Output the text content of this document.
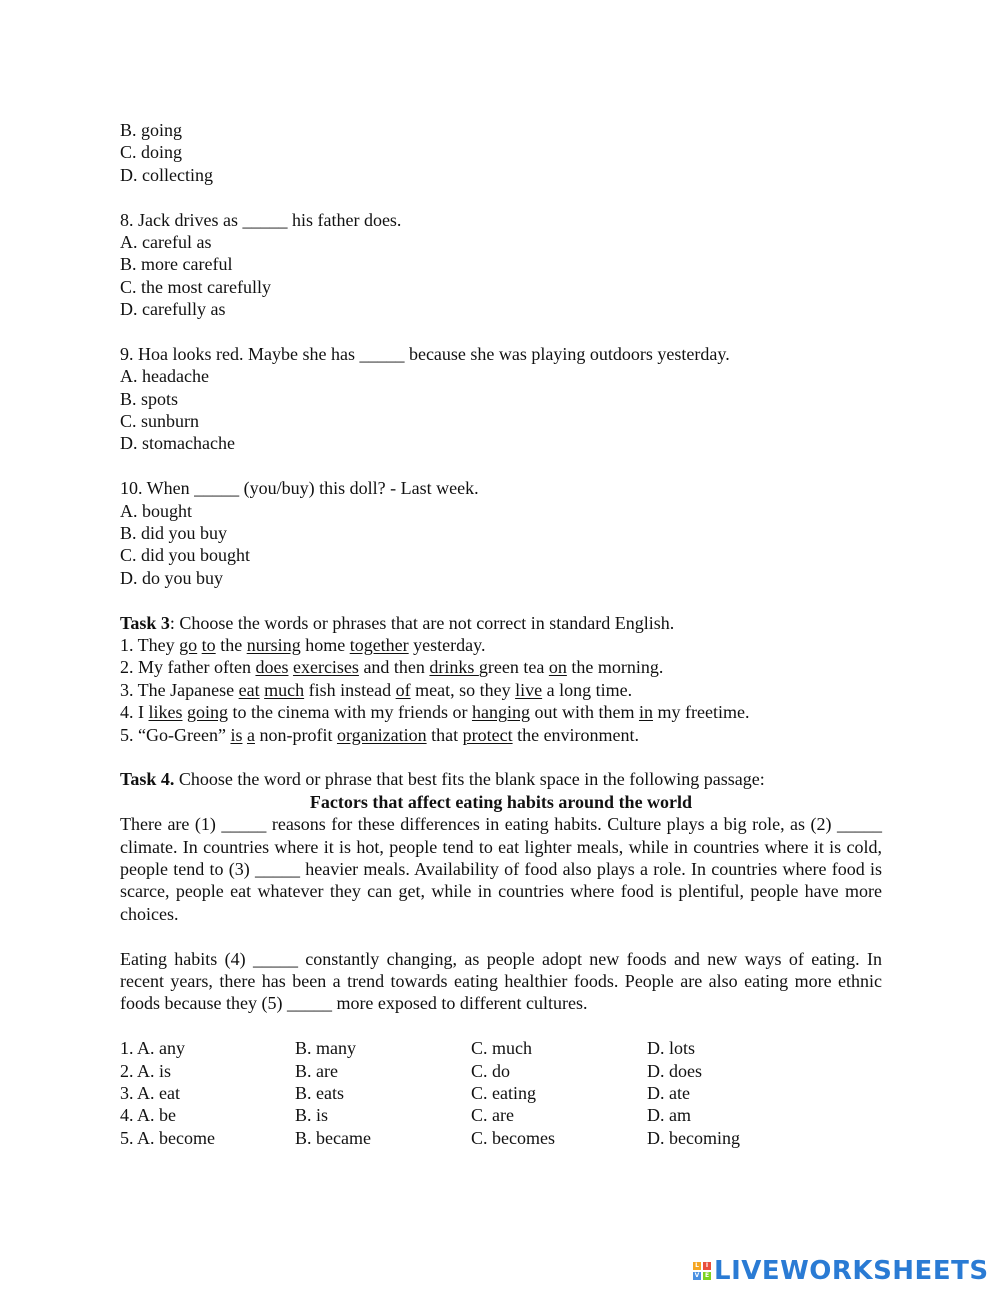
B. going
C. doing
D. collecting
8. Jack drives as _____ his father does.
A. careful as
B. more careful
C. the most carefully
D. carefully as
9. Hoa looks red. Maybe she has _____ because she was playing outdoors yesterday.
A. headache
B. spots
C. sunburn
D. stomachache
10. When _____ (you/buy) this doll? - Last week.
A. bought
B. did you buy
C. did you bought
D. do you buy
Task 3: Choose the words or phrases that are not correct in standard English.
1. They go to the nursing home together yesterday.
2. My father often does exercises and then drinks green tea on the morning.
3. The Japanese eat much fish instead of meat, so they live a long time.
4. I likes going to the cinema with my friends or hanging out with them in my freetime.
5. “Go-Green” is a non-profit organization that protect the environment.
Task 4. Choose the word or phrase that best fits the blank space in the following passage:
Factors that affect eating habits around the world
There are (1) _____ reasons for these differences in eating habits. Culture plays a big role, as (2) _____ climate. In countries where it is hot, people tend to eat lighter meals, while in countries where it is cold, people tend to (3) _____ heavier meals. Availability of food also plays a role. In countries where food is scarce, people eat whatever they can get, while in countries where food is plentiful, people have more choices.
Eating habits (4) _____ constantly changing, as people adopt new foods and new ways of eating. In recent years, there has been a trend towards eating healthier foods. People are also eating more ethnic foods because they (5) _____ more exposed to different cultures.
1. A. any	B. many	C. much	D. lots
2. A. is	B. are	C. do	D. does
3. A. eat	B. eats	C. eating	D. ate
4. A. be	B. is	C. are	D. am
5. A. become	B. became	C. becomes	D. becoming
L	I
V E LIVEWORKSHEETS
